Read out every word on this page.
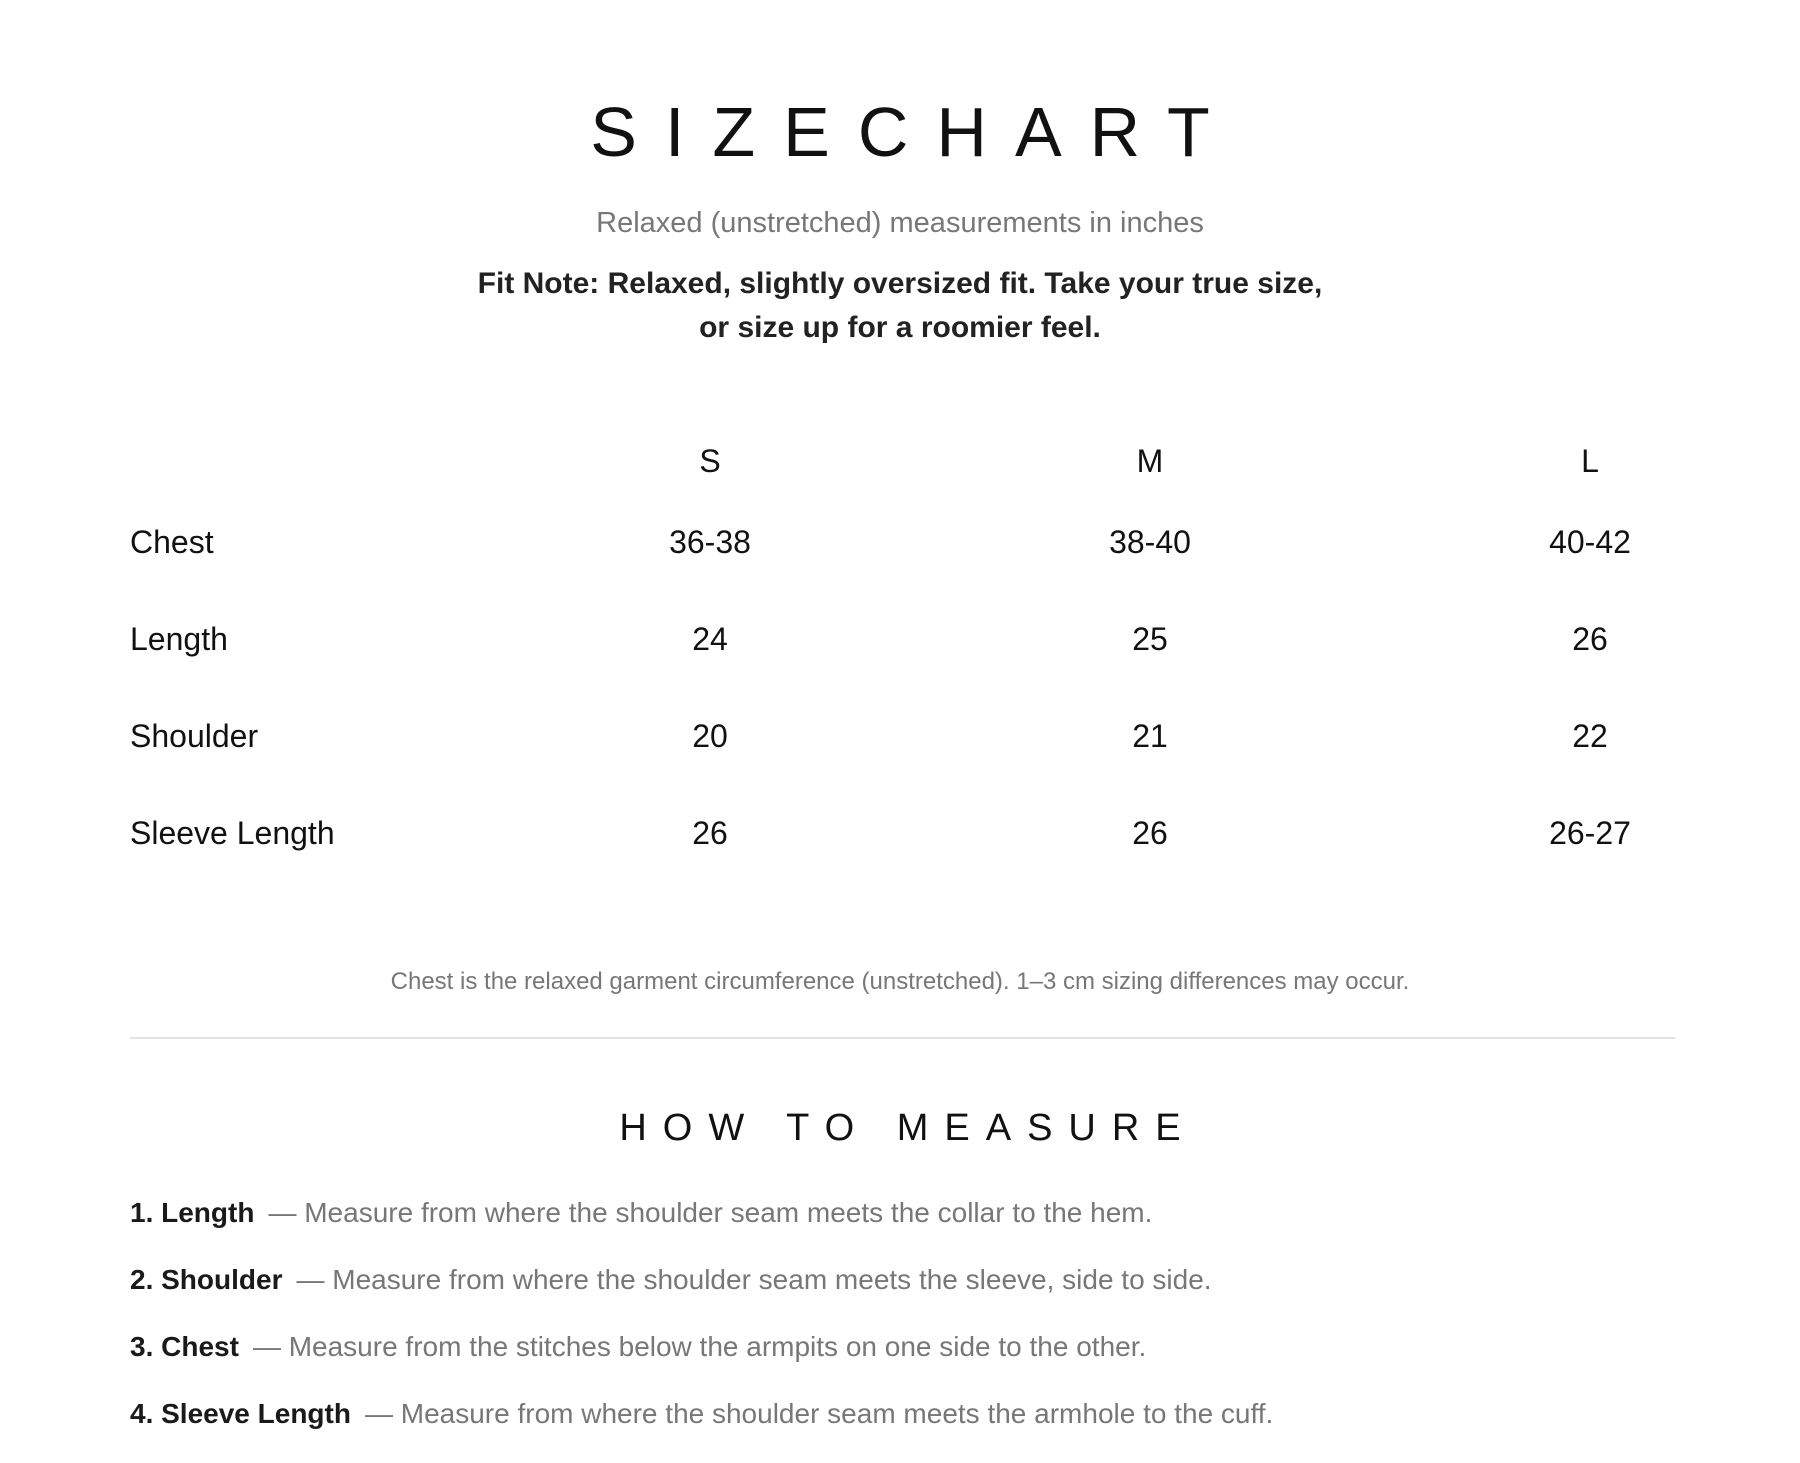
SIZECHART
Relaxed (unstretched) measurements in inches
Fit Note: Relaxed, slightly oversized fit. Take your true size,
or size up for a roomier feel.
	S	M	L
Chest	36-38	38-40	40-42
Length	24	25	26
Shoulder	20	21	22
Sleeve Length	26	26	26-27
Chest is the relaxed garment circumference (unstretched). 1–3 cm sizing differences may occur.
HOW TO MEASURE
1. Length — Measure from where the shoulder seam meets the collar to the hem.
2. Shoulder — Measure from where the shoulder seam meets the sleeve, side to side.
3. Chest — Measure from the stitches below the armpits on one side to the other.
4. Sleeve Length — Measure from where the shoulder seam meets the armhole to the cuff.
